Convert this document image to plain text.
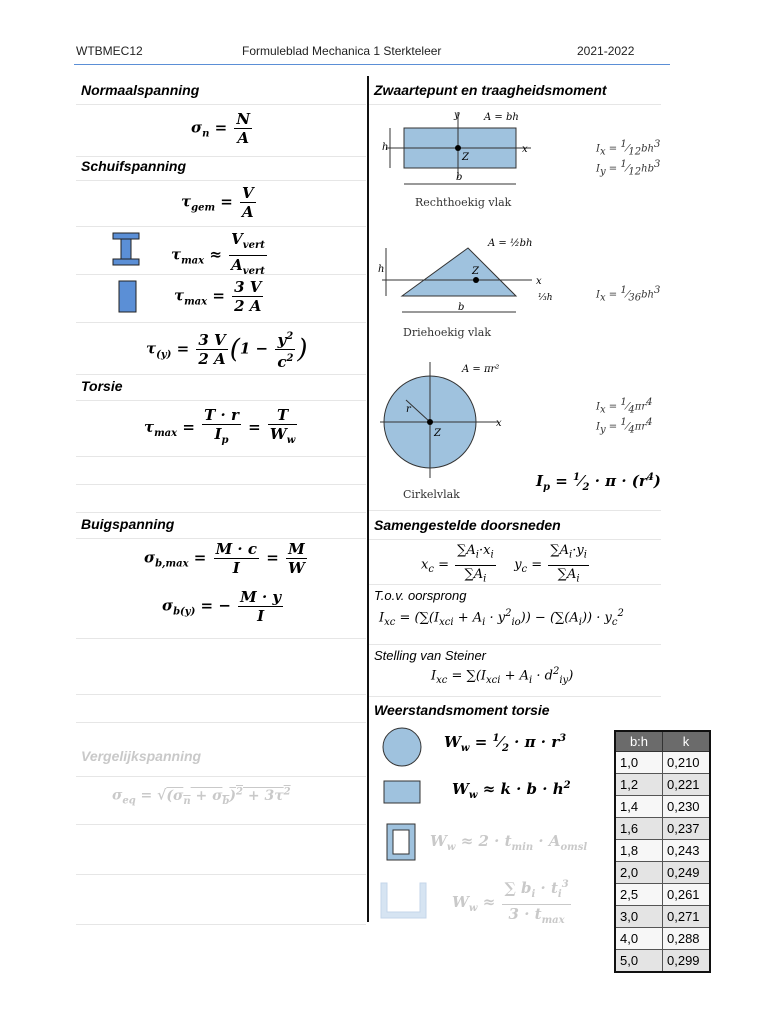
WTBMEC12	Formuleblad Mechanica 1 Sterkteleer	2021-2022
Normaalspanning
$\sigma_n = \frac{N}{A}$
Schuifspanning
$\tau_{gem} = \frac{V}{A}$
$\tau_{max} \approx \frac{V_{vert}}{A_{vert}}$
$\tau_{max} = \frac{3 V}{2 A}$
$\tau_{(y)} = \frac{3 V}{2 A} (1 - \frac{y^2}{c^2}$ )
Torsie
$\tau_{max} = \frac{T \cdot r}{I_p} = \frac{T}{W_w}$
Buigspanning
$\sigma_{b,max} = \frac{M \cdot c}{I} = \frac{M}{W}$
$\sigma_{b(y)}$ = − $\frac{M \cdot y}{I}$
Vergelijkspanning
$\sigma_{eq} = √(\sigma_n + \sigma_b)^2 + 3\tau^2$
Zwaartepunt en traagheidsmoment
Z
x
y
h
b
A = bh
Rechthoekig vlak
$I_x$ = $^1⁄_{12}bh^3$
$I_y$ = $^1⁄_{12}hb^3$
Z
x
h
b
A = ½bh
⅓h
Driehoekig vlak
$I_x$ = $^1⁄_{36}bh^3$
Z
x
r
A = πr²
Cirkelvlak
$I_x$ = $^1⁄_4\pi r^4$
$I_y$ = $^1⁄_4\pi r^4$
$I_p$ = $^1⁄_2 \cdot \pi \cdot (r^4)$
Samengestelde doorsneden
$x_c = \frac{\sum A_i\cdot x_i}{\sum A_i} y_c = \frac{\sum A_i\cdot y_i}{\sum A_i}$
T.o.v. oorsprong
$I_{xc} = (\sum(I_{xci} + A_i \cdot y^2_{io})) - (\sum(A_i)) \cdot y_c^2$
Stelling van Steiner
$I_{xc} = \sum(I_{xci} + A_i \cdot d^2_{iy})$
Weerstandsmoment torsie
$W_w$ = $^1⁄_2 \cdot \pi \cdot r^3$
$W_w \approx k \cdot b \cdot h^2$
$W_w \approx 2 \cdot t_{min} \cdot A_{omsl}$
$W_w \approx \frac{\sum b_i \cdot t_i^3}{3 \cdot t_{max}}$
b:h	k
1,0	0,210
1,2	0,221
1,4	0,230
1,6	0,237
1,8	0,243
2,0	0,249
2,5	0,261
3,0	0,271
4,0	0,288
5,0	0,299
